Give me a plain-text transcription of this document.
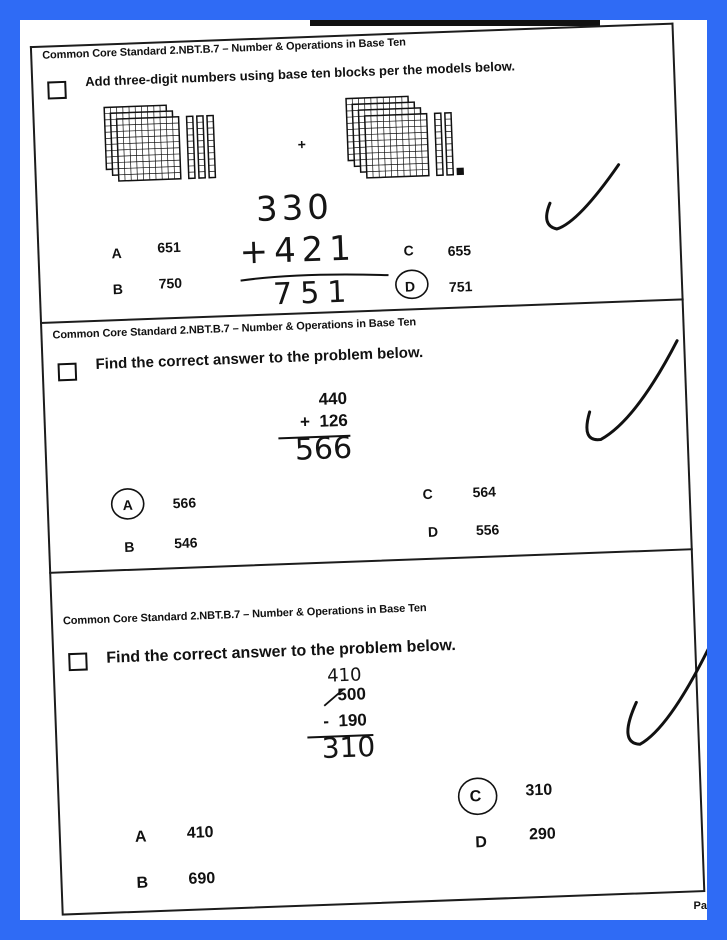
Common Core Standard 2.NBT.B.7 – Number & Operations in Base Ten
Add three-digit numbers using base ten blocks per the models below.
+
A	651
B	750
C 655
D 751
330
+421
751
Common Core Standard 2.NBT.B.7 – Number & Operations in Base Ten
Find the correct answer to the problem below.
440
+  126
566
A	566
B	546
C	564
D	556
Common Core Standard 2.NBT.B.7 – Number & Operations in Base Ten
Find the correct answer to the problem below.
410
500
-  190
310
A 410
B 690
C	310
D	290
Pa
